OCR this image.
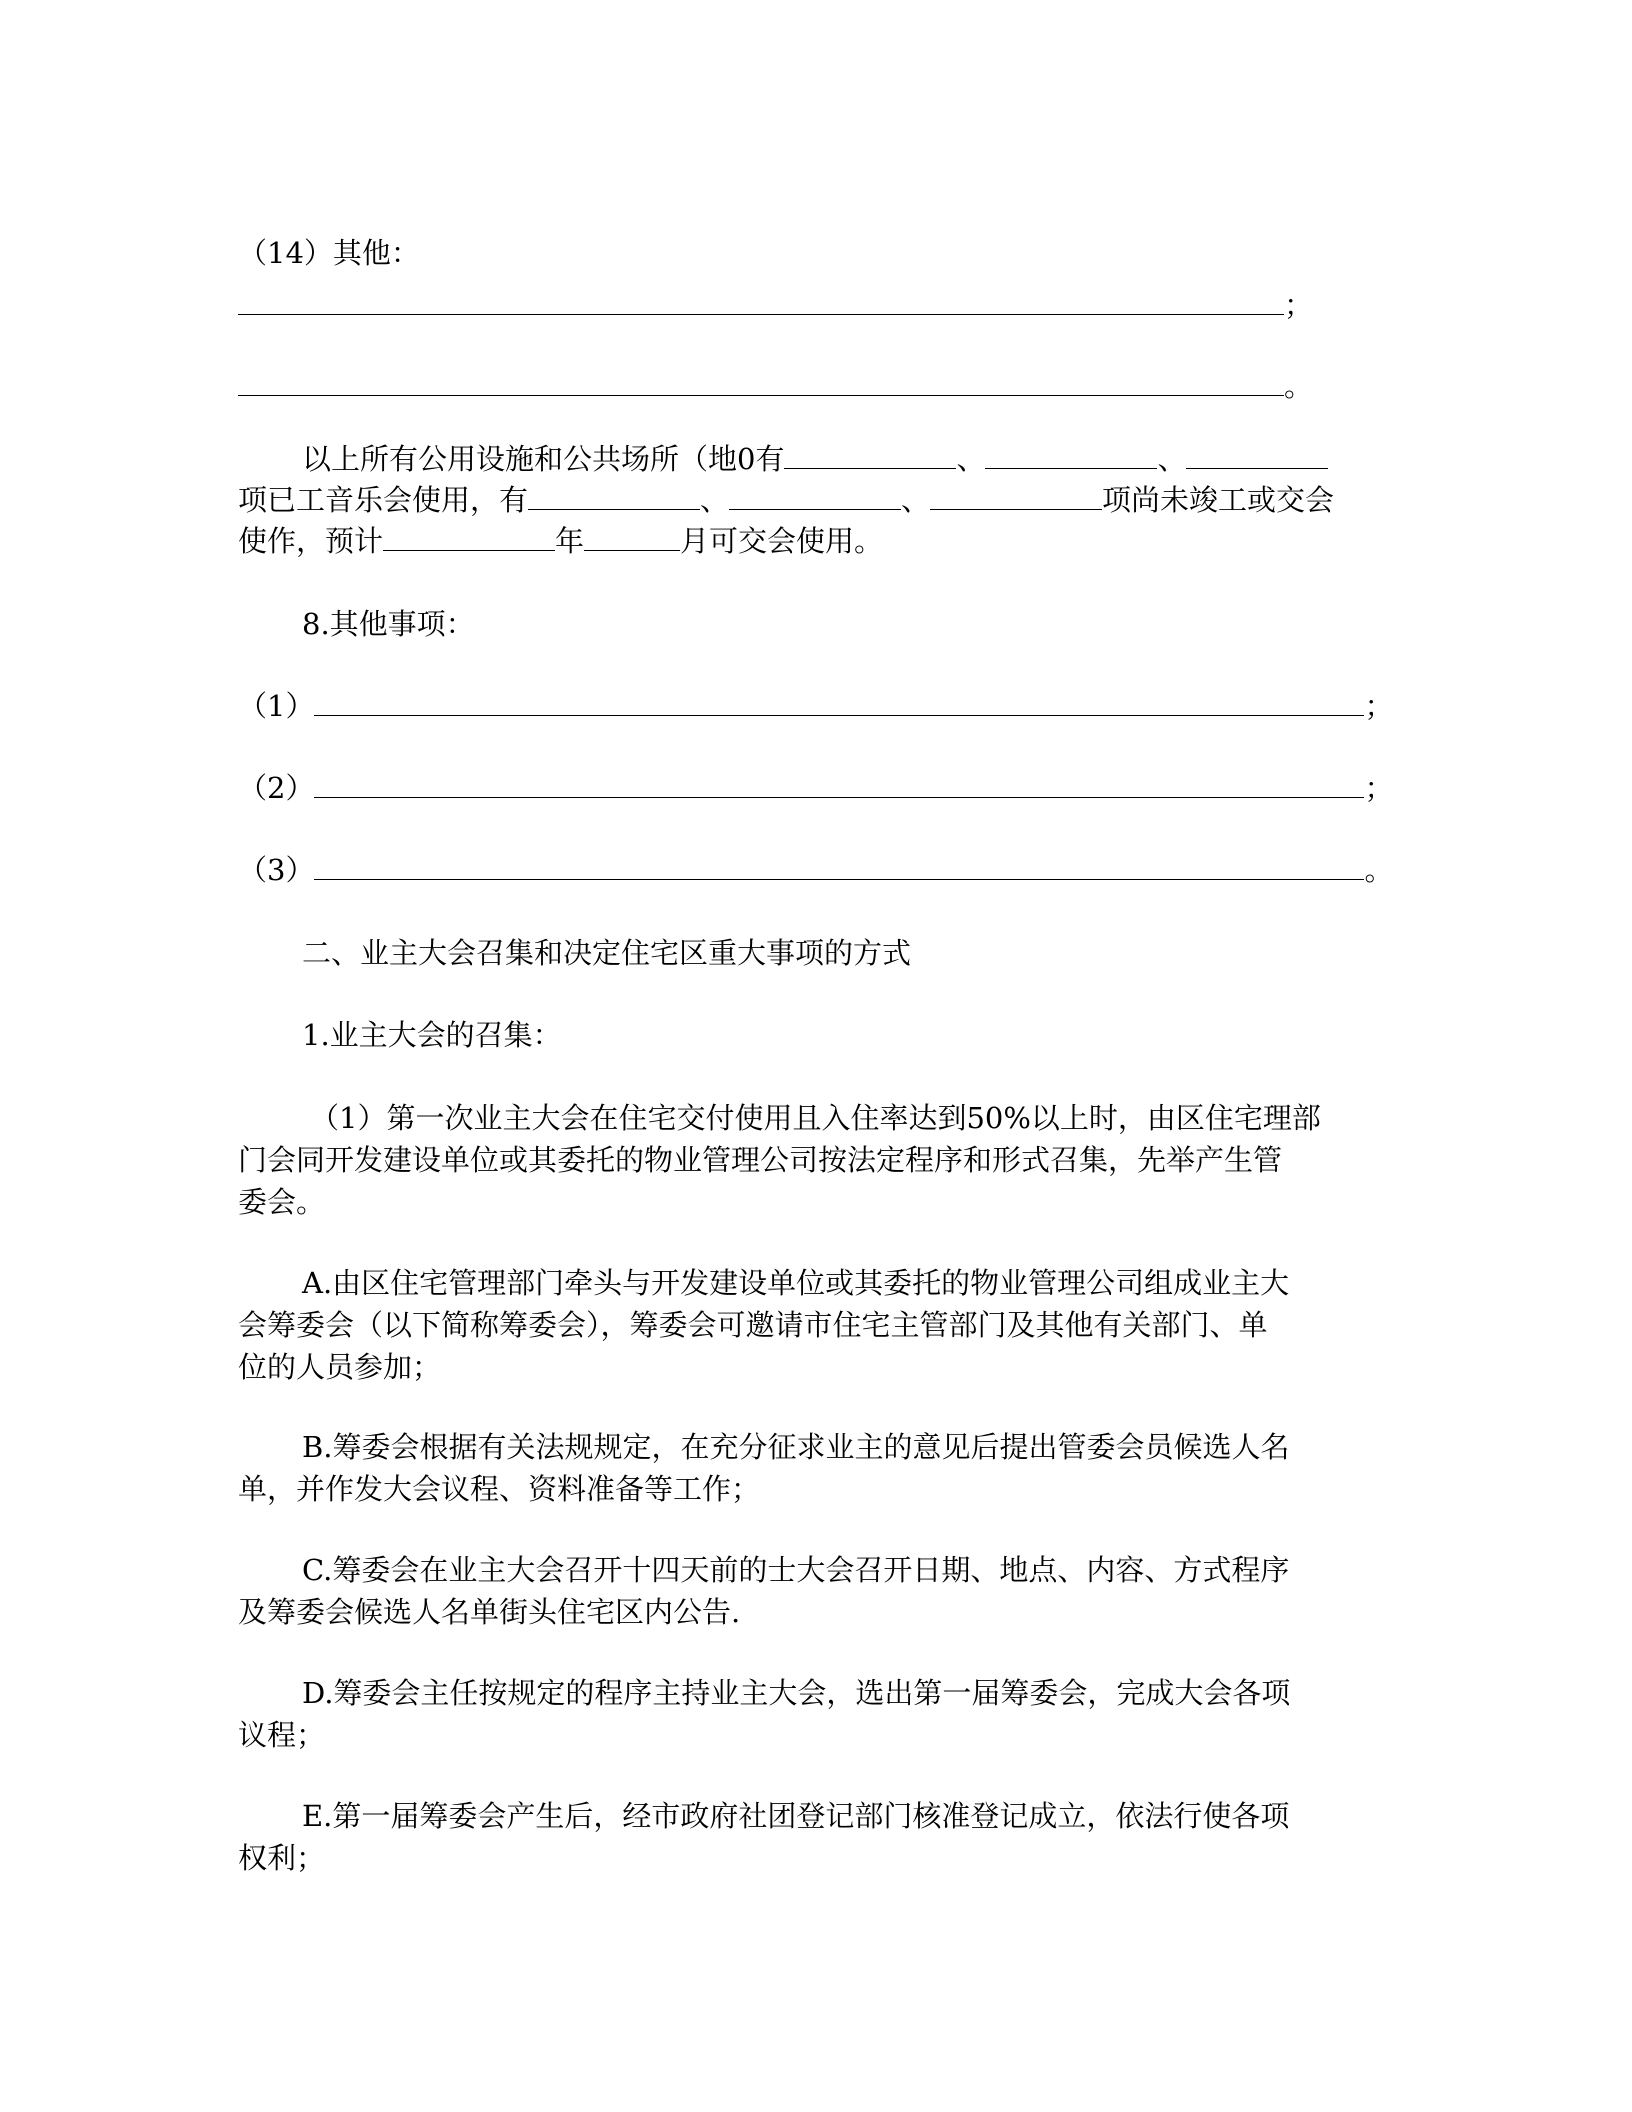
（14）其他：
；
。
以上所有公用设施和公共场所（地0有	、	、
项已工音乐会使用，有	、	、	项尚未竣工或交会
使作，预计	年	月可交会使用。
8.其他事项：
（1）	；
（2）	；
（3）	。
二、业主大会召集和决定住宅区重大事项的方式
1.业主大会的召集：
（1）第一次业主大会在住宅交付使用且入住率达到50%以上时，由区住宅理部
门会同开发建设单位或其委托的物业管理公司按法定程序和形式召集，先举产生管
委会。
A.由区住宅管理部门牵头与开发建设单位或其委托的物业管理公司组成业主大
会筹委会（以下简称筹委会），筹委会可邀请市住宅主管部门及其他有关部门、单
位的人员参加；
B.筹委会根据有关法规规定，在充分征求业主的意见后提出管委会员候选人名
单，并作发大会议程、资料准备等工作；
C.筹委会在业主大会召开十四天前的士大会召开日期、地点、内容、方式程序
及筹委会候选人名单街头住宅区内公告.
D.筹委会主任按规定的程序主持业主大会，选出第一届筹委会，完成大会各项
议程；
E.第一届筹委会产生后，经市政府社团登记部门核准登记成立，依法行使各项
权利；
